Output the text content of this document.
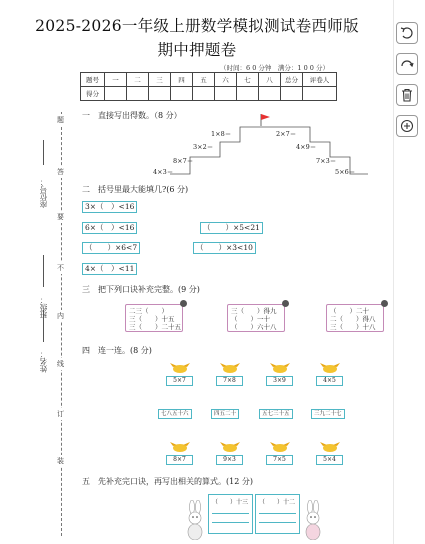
2025-2026一年级上册数学模拟测试卷西师版
期中押题卷
（时间：6 0 分钟　满分：1 0 0 分）
题号	一	二	三	四	五	六	七	八	总分	评卷人
得分										
座位号：
班级：
姓名：
题
答
要
不
内
线
订
装
一　直接写出得数。（8 分）
1×8＝	2×7＝
3×2＝	4×9＝
8×7＝	7×3＝
4×3＝	5×6＝
二　括号里最大能填几?(6 分)
3×（　）<16
6×（　）<16	（　　）×5<21
（　　）×6<7	（　　）×3<10
4×（　）<11
三　把下列口诀补充完整。(9 分)
二三（　　）
三（　　）十五
三（　　）二十五
三（　　）得九
（　　）一十
（　　）六十八
（　　）二十
二（　　）得八
三（　　）十八
四　连一连。(8 分)
5×7	7×8	3×9	4×5
七八五十六	四五二十	五七三十五	三九二十七
8×7	9×3	7×5	5×4
五　先补充完口诀，再写出相关的算式。(12 分)
（　　）十三	（　　）十二
